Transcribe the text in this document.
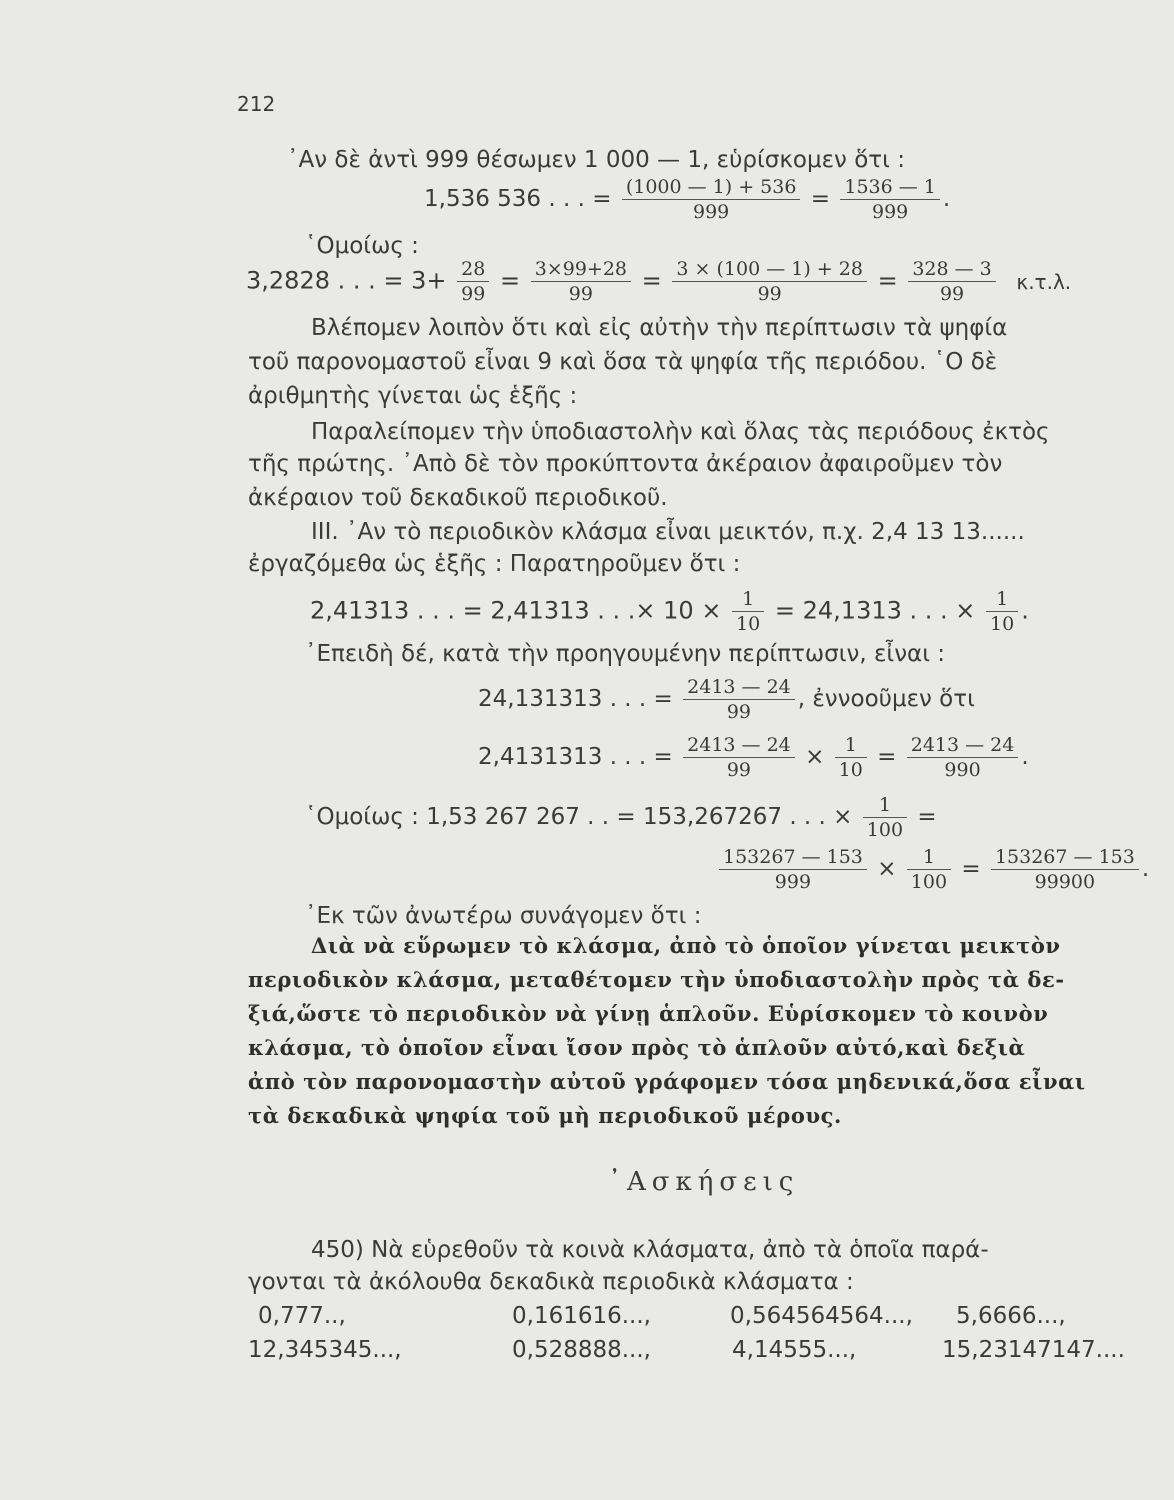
212
᾿Αν δὲ ἀντὶ 999 θέσωμεν 1 000 — 1, εὑρίσκομεν ὅτι :
1,536 536 . . . = $\frac{(1000 — 1) + 536}{999} = \frac{1536 — 1}{999}$ .
῾Ομοίως :
3,2828 . . . = $3+ \frac{28}{99} = \frac{3\times 99+28}{99} = \frac{3 \times (100 — 1) + 28}{99} = \frac{328 — 3}{99} \kappa.\tau.\lambda$.
Βλέπομεν λοιπὸν ὅτι καὶ εἰς αὐτὴν τὴν περίπτωσιν τὰ ψηφία
τοῦ παρονομαστοῦ εἶναι 9 καὶ ὅσα τὰ ψηφία τῆς περιόδου. ῾Ο δὲ
ἀριθμητὴς γίνεται ὡς ἑξῆς :
Παραλείπομεν τὴν ὑποδιαστολὴν καὶ ὅλας τὰς περιόδους ἐκτὸς
τῆς πρώτης. ᾿Απὸ δὲ τὸν προκύπτοντα ἀκέραιον ἀφαιροῦμεν τὸν
ἀκέραιον τοῦ δεκαδικοῦ περιοδικοῦ.
ΙΙΙ. ᾿Αν τὸ περιοδικὸν κλάσμα εἶναι μεικτόν, π.χ. 2,4 13 13......
ἐργαζόμεθα ὡς ἑξῆς : Παρατηροῦμεν ὅτι :
2,41313 . . . = 2,41313 . . .× $10 \times \frac{1}{10} = 24,1313$ . . . × $\frac{1}{10}$ .
᾿Επειδὴ δέ, κατὰ τὴν προηγουμένην περίπτωσιν, εἶναι :
24,131313 . . . = $\frac{2413 — 24}{99}$ , ἐννοοῦμεν ὅτι
2,4131313 . . . = $\frac{2413 — 24}{99} \times \frac{1}{10} = \frac{2413 — 24}{990}$ .
῾Ομοίως : 1,53 267 267 . . = 153,267267 . . . × $\frac{1}{100}$ =
$\frac{153267 — 153}{999} \times \frac{1}{100} = \frac{153267 — 153}{99900}$ .
᾿Εκ τῶν ἀνωτέρω συνάγομεν ὅτι :
Διὰ νὰ εὕρωμεν τὸ κλάσμα, ἀπὸ τὸ ὁποῖον γίνεται μεικτὸν
περιοδικὸν κλάσμα, μεταθέτομεν τὴν ὑποδιαστολὴν πρὸς τὰ δε-
ξιά,ὥστε τὸ περιοδικὸν νὰ γίνῃ ἁπλοῦν. Εὑρίσκομεν τὸ κοινὸν
κλάσμα, τὸ ὁποῖον εἶναι ἴσον πρὸς τὸ ἁπλοῦν αὐτό,καὶ δεξιὰ
ἀπὸ τὸν παρονομαστὴν αὐτοῦ γράφομεν τόσα μηδενικά,ὅσα εἶναι
τὰ δεκαδικὰ ψηφία τοῦ μὴ περιοδικοῦ μέρους.
᾿Ασκήσεις
450) Νὰ εὑρεθοῦν τὰ κοινὰ κλάσματα, ἀπὸ τὰ ὁποῖα παρά-
γονται τὰ ἀκόλουθα δεκαδικὰ περιοδικὰ κλάσματα :
0,777..,	0,161616...,	0,564564564..., 5,6666...,
12,345345...,	0,528888...,	4,14555...,	15,23147147....
